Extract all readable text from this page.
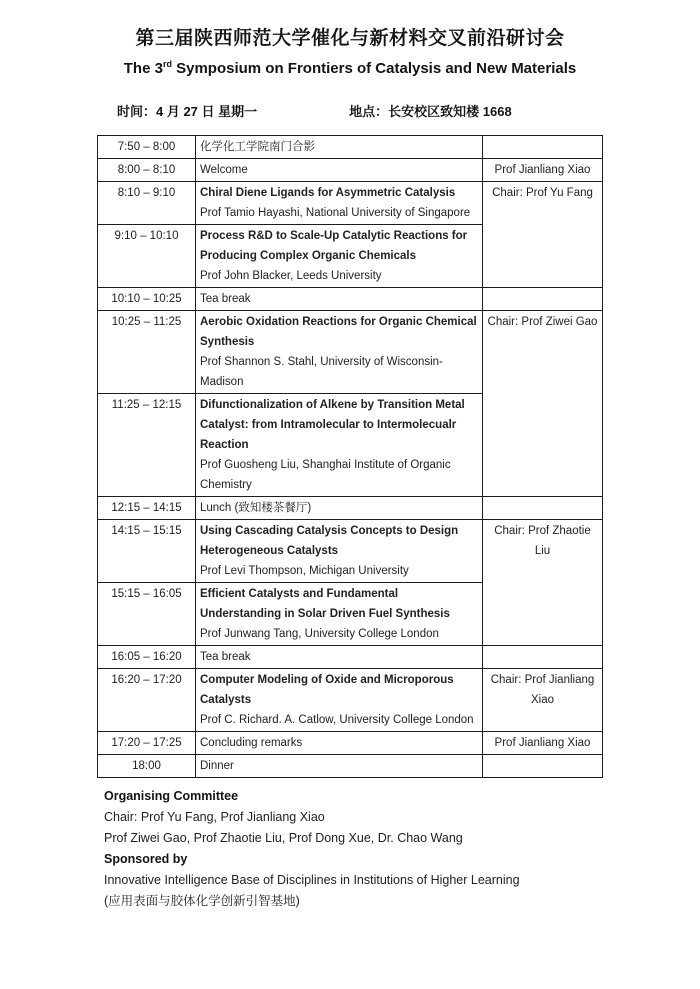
第三届陕西师范大学催化与新材料交叉前沿研讨会
The 3rd Symposium on Frontiers of Catalysis and New Materials
时间：4 月 27 日 星期一	地点：长安校区致知楼 1668
7:50 – 8:00	化学化工学院南门合影	

8:00 – 8:10	Welcome	Prof Jianliang Xiao
8:10 – 9:10	Chiral Diene Ligands for Asymmetric Catalysis
Prof Tamio Hayashi, National University of Singapore	Chair: Prof Yu Fang
9:10 – 10:10	Process R&D to Scale-Up Catalytic Reactions for Producing Complex Organic Chemicals
Prof John Blacker, Leeds University	

10:10 – 10:25	Tea break	

10:25 – 11:25	Aerobic Oxidation Reactions for Organic Chemical Synthesis
Prof Shannon S. Stahl, University of Wisconsin-Madison	Chair: Prof Ziwei Gao
11:25 – 12:15	Difunctionalization of Alkene by Transition Metal Catalyst: from Intramolecular to Intermolecualr Reaction
Prof Guosheng Liu, Shanghai Institute of Organic Chemistry	

12:15 – 14:15	Lunch (致知楼茶餐厅)	

14:15 – 15:15	Using Cascading Catalysis Concepts to Design Heterogeneous Catalysts
Prof Levi Thompson, Michigan University	Chair: Prof Zhaotie Liu
15:15 – 16:05	Efficient Catalysts and Fundamental Understanding in Solar Driven Fuel Synthesis
Prof Junwang Tang, University College London	

16:05 – 16:20	Tea break	

16:20 – 17:20	Computer Modeling of Oxide and Microporous Catalysts
Prof C. Richard. A. Catlow, University College London	Chair: Prof Jianliang Xiao
17:20 – 17:25	Concluding remarks	Prof Jianliang Xiao
18:00	Dinner	

Organising Committee
Chair: Prof Yu Fang, Prof Jianliang Xiao
Prof Ziwei Gao, Prof Zhaotie Liu, Prof Dong Xue, Dr. Chao Wang
Sponsored by
Innovative Intelligence Base of Disciplines in Institutions of Higher Learning
(应用表面与胶体化学创新引智基地)
